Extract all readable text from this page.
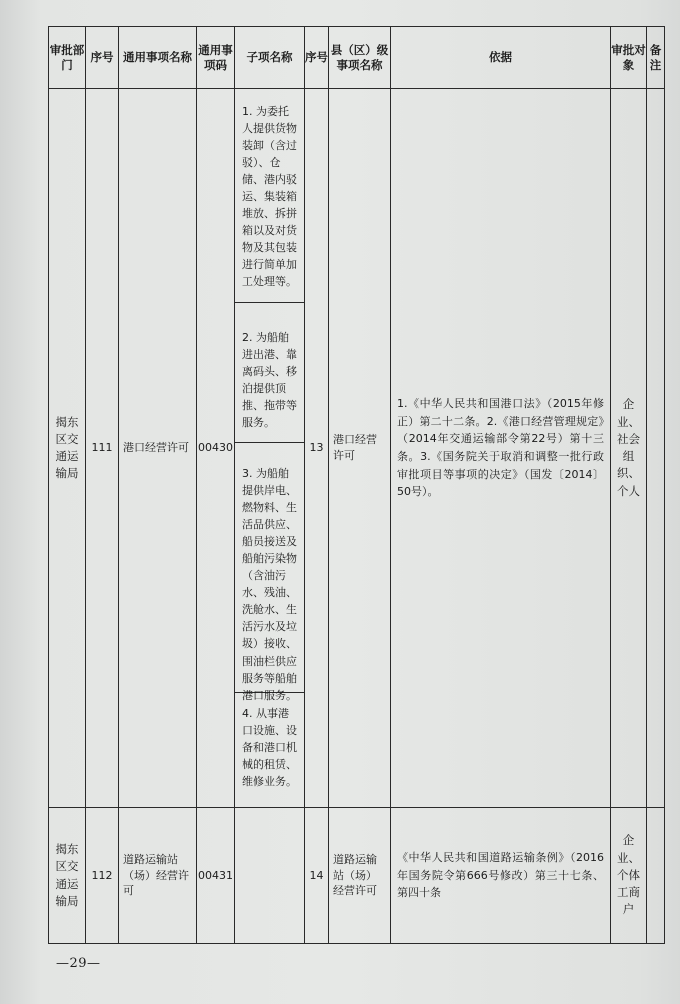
审批部门	序号	通用事项名称	通用事项码	子项名称	序号	县（区）级事项名称	依据	审批对象	备注
揭东区交通运输局	111	港口经营许可	00430	1. 为委托人提供货物装卸（含过驳）、仓储、港内驳运、集装箱堆放、拆拼箱以及对货物及其包装进行简单加工处理等。
2. 为船舶进出港、靠离码头、移泊提供顶推、拖带等服务。
3. 为船舶提供岸电、燃物料、生活品供应、船员接送及船舶污染物（含油污水、残油、洗舱水、生活污水及垃圾）接收、围油栏供应服务等船舶港口服务。
4. 从事港口设施、设备和港口机械的租赁、维修业务。	13	港口经营许可	1.《中华人民共和国港口法》（2015年修正）第二十二条。2.《港口经营管理规定》（2014年交通运输部令第22号）第十三条。3.《国务院关于取消和调整一批行政审批项目等事项的决定》（国发〔2014〕50号）。	企业、社会组织、个人	
揭东区交通运输局	112	道路运输站（场）经营许可	00431		14	道路运输站（场）经营许可	《中华人民共和国道路运输条例》（2016年国务院令第666号修改）第三十七条、第四十条	企业、个体工商户	
—29—
